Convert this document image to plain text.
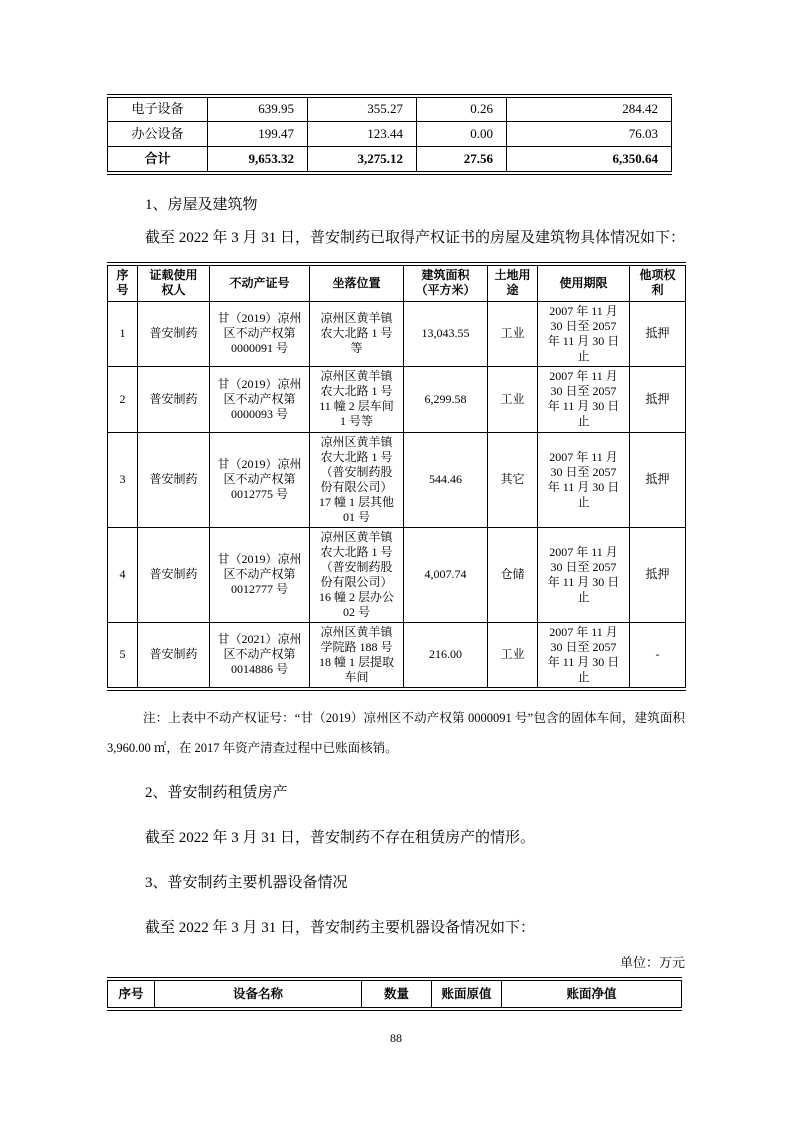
电子设备	639.95	355.27	0.26	284.42
办公设备	199.47	123.44	0.00	76.03
合计	9,653.32	3,275.12	27.56	6,350.64

1、房屋及建筑物

截至 2022 年 3 月 31 日，普安制药已取得产权证书的房屋及建筑物具体情况如下：

序号	证载使用权人	不动产证号	坐落位置	建筑面积（平方米）	土地用途	使用期限	他项权利
1	普安制药	甘（2019）凉州区不动产权第 0000091 号	凉州区黄羊镇农大北路 1 号等	13,043.55	工业	2007 年 11 月 30 日至 2057 年 11 月 30 日止	抵押
2	普安制药	甘（2019）凉州区不动产权第 0000093 号	凉州区黄羊镇农大北路 1 号 11 幢 2 层车间 1 号等	6,299.58	工业	2007 年 11 月 30 日至 2057 年 11 月 30 日止	抵押
3	普安制药	甘（2019）凉州区不动产权第 0012775 号	凉州区黄羊镇农大北路 1 号（普安制药股份有限公司）17 幢 1 层其他 01 号	544.46	其它	2007 年 11 月 30 日至 2057 年 11 月 30 日止	抵押
4	普安制药	甘（2019）凉州区不动产权第 0012777 号	凉州区黄羊镇农大北路 1 号（普安制药股份有限公司）16 幢 2 层办公 02 号	4,007.74	仓储	2007 年 11 月 30 日至 2057 年 11 月 30 日止	抵押
5	普安制药	甘（2021）凉州区不动产权第 0014886 号	凉州区黄羊镇学院路 188 号 18 幢 1 层提取车间	216.00	工业	2007 年 11 月 30 日至 2057 年 11 月 30 日止	-

注：上表中不动产权证号：“甘（2019）凉州区不动产权第 0000091 号”包含的固体车间，建筑面积 3,960.00 ㎡，在 2017 年资产清查过程中已账面核销。

2、普安制药租赁房产

截至 2022 年 3 月 31 日，普安制药不存在租赁房产的情形。

3、普安制药主要机器设备情况

截至 2022 年 3 月 31 日，普安制药主要机器设备情况如下：

单位：万元

序号	设备名称	数量	账面原值	账面净值
88
